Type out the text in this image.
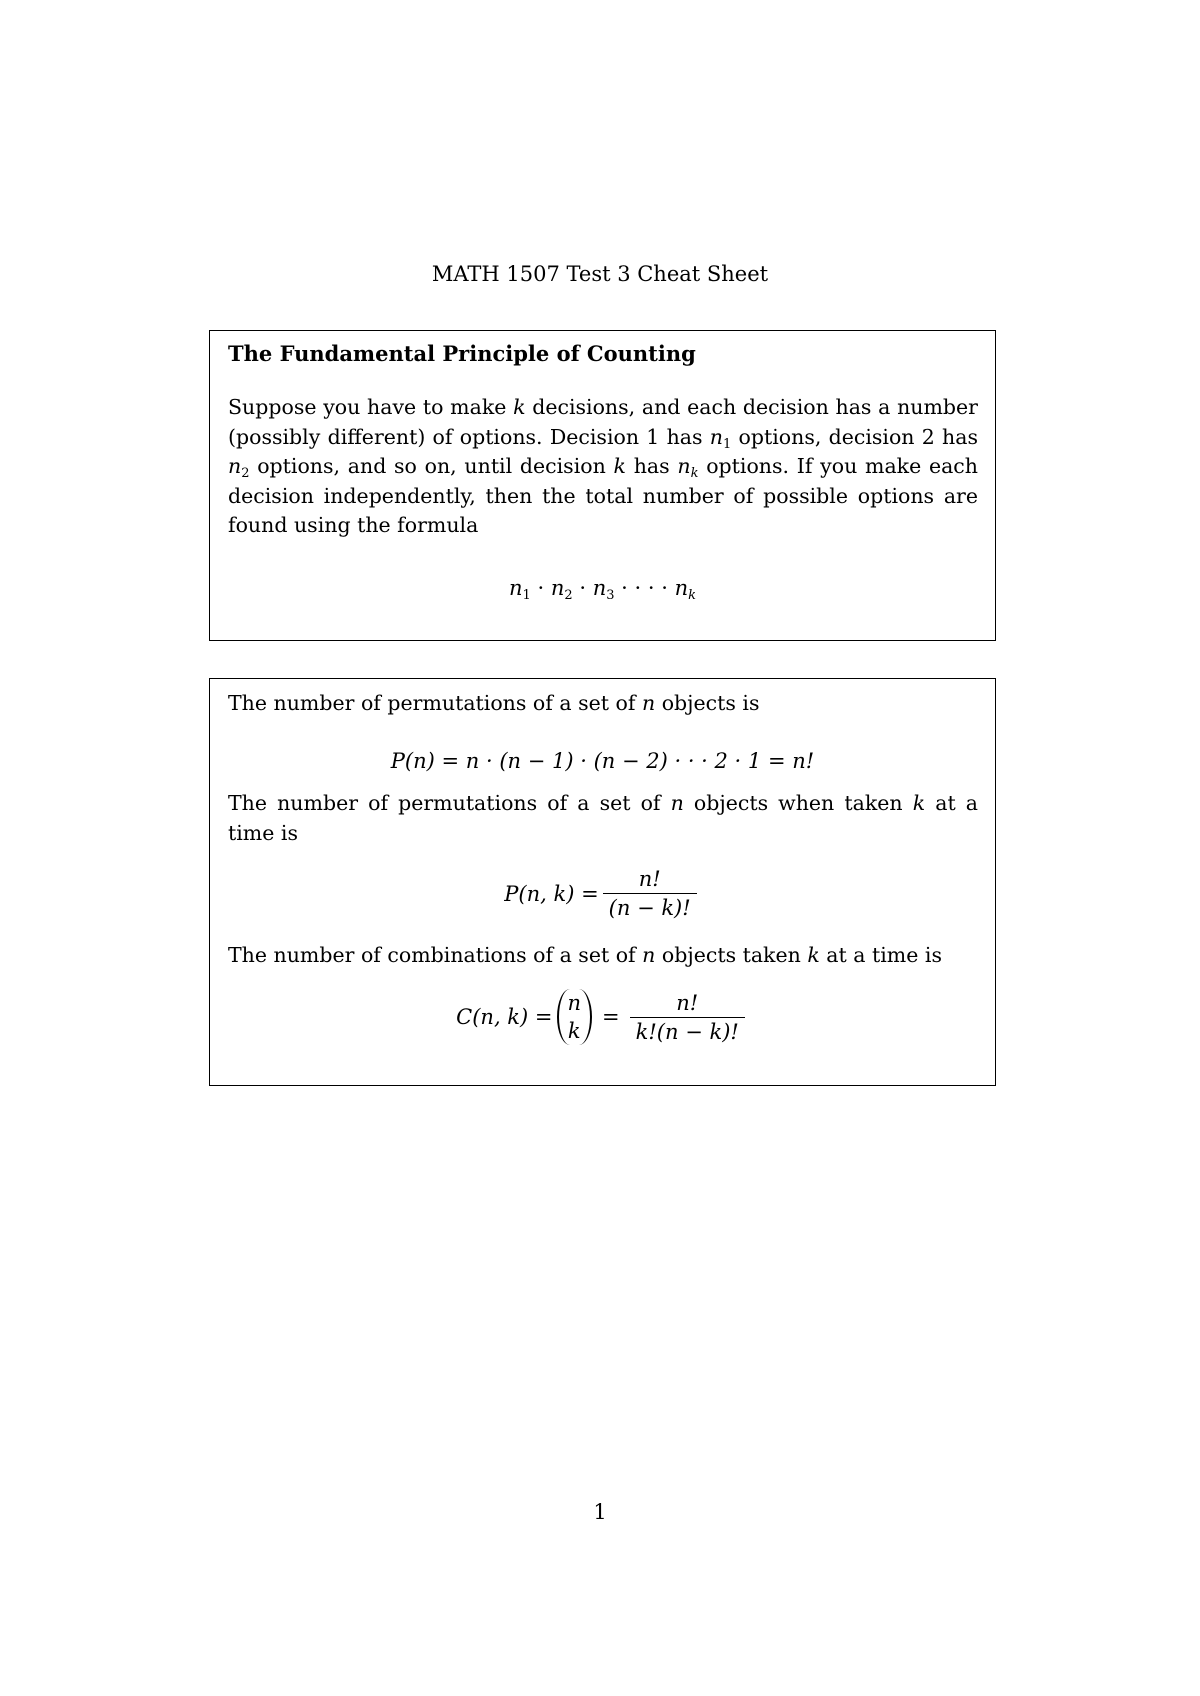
MATH 1507 Test 3 Cheat Sheet
The Fundamental Principle of Counting

Suppose you have to make k decisions, and each decision has a number (possibly different) of options. Decision 1 has $n_1$ options, decision 2 has $n_2$ options, and so on, until decision k has $n_k$ options. If you make each decision independently, then the total number of possible options are found using the formula

$n_1 \cdot n_2 \cdot n_3$ · · · · $n_k$

The number of permutations of a set of n objects is

P(n) = n · (n − 1) · (n − 2) · · · 2 · 1 = n!

The number of permutations of a set of n objects when taken k at a time is

P(n, $k) = \frac{n!}{(n - k)!}$

The number of combinations of a set of n objects taken k at a time is

C(n, k) =
n
k
= $\frac{n!}{k!(n - k)!}$
1
